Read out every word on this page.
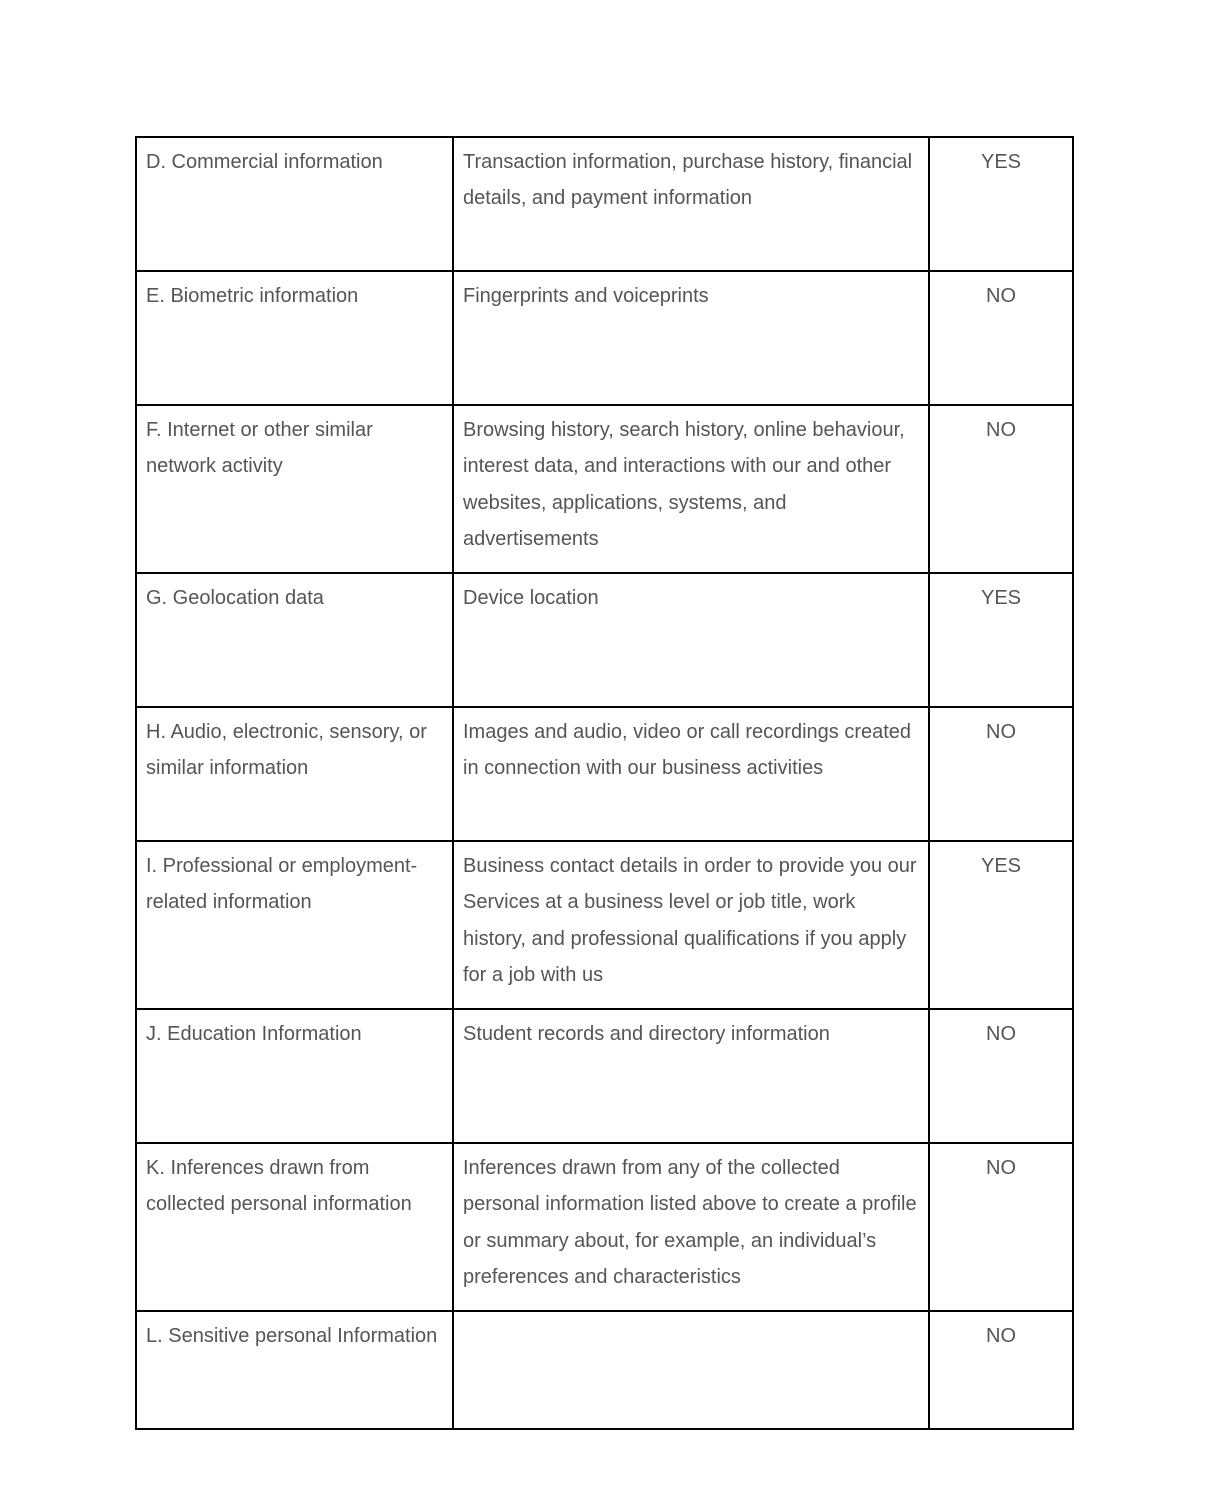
D. Commercial information	Transaction information, purchase history, financial details, and payment information	YES
E. Biometric information	Fingerprints and voiceprints	NO
F. Internet or other similar network activity	Browsing history, search history, online behaviour, interest data, and interactions with our and other websites, applications, systems, and advertisements	NO
G. Geolocation data	Device location	YES
H. Audio, electronic, sensory, or similar information	Images and audio, video or call recordings created in connection with our business activities	NO
I. Professional or employment-related information	Business contact details in order to provide you our Services at a business level or job title, work history, and professional qualifications if you apply for a job with us	YES
J. Education Information	Student records and directory information	NO
K. Inferences drawn from collected personal information	Inferences drawn from any of the collected personal information listed above to create a profile or summary about, for example, an individual’s preferences and characteristics	NO
L. Sensitive personal Information		NO
